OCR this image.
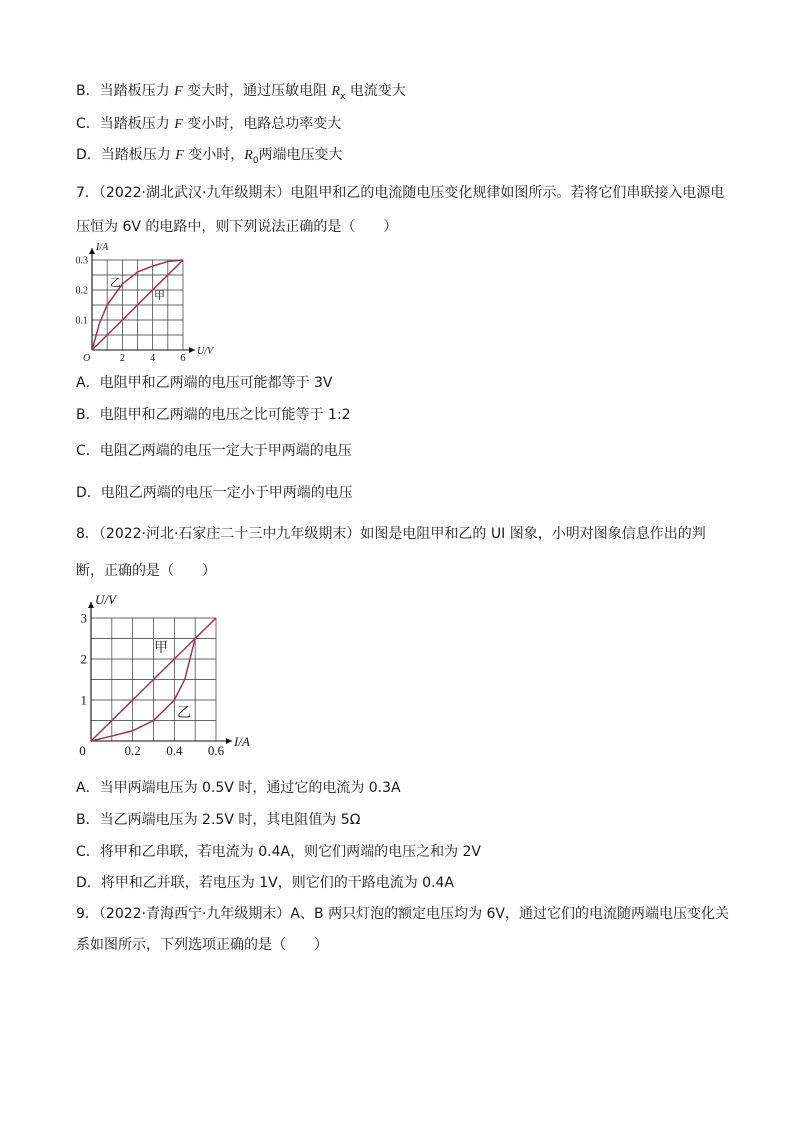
B．当踏板压力 F 变大时，通过压敏电阻 $R_x$ 电流变大
C．当踏板压力 F 变小时，电路总功率变大
D．当踏板压力 F 变小时，$R_0$两端电压变大
7．（2022·湖北武汉·九年级期末）电阻甲和乙的电流随电压变化规律如图所示。若将它们串联接入电源电
压恒为 6V 的电路中，则下列说法正确的是（　　）
U/V
I/A
O	2	4	6
0.1
0.2
0.3
甲
乙
A．电阻甲和乙两端的电压可能都等于 3V
B．电阻甲和乙两端的电压之比可能等于 1:2
C．电阻乙两端的电压一定大于甲两端的电压
D．电阻乙两端的电压一定小于甲两端的电压
8．（2022·河北·石家庄二十三中九年级期末）如图是电阻甲和乙的 UI 图象，小明对图象信息作出的判
断，正确的是（　　）
I/A
U/V
0	0.2 0.4 0.6
1
2
3
甲
乙
A．当甲两端电压为 0.5V 时，通过它的电流为 0.3A
B．当乙两端电压为 2.5V 时，其电阻值为 5Ω
C．将甲和乙串联，若电流为 0.4A，则它们两端的电压之和为 2V
D．将甲和乙并联，若电压为 1V，则它们的干路电流为 0.4A
9．（2022·青海西宁·九年级期末）A、B 两只灯泡的额定电压均为 6V，通过它们的电流随两端电压变化关
系如图所示，下列选项正确的是（　　）
